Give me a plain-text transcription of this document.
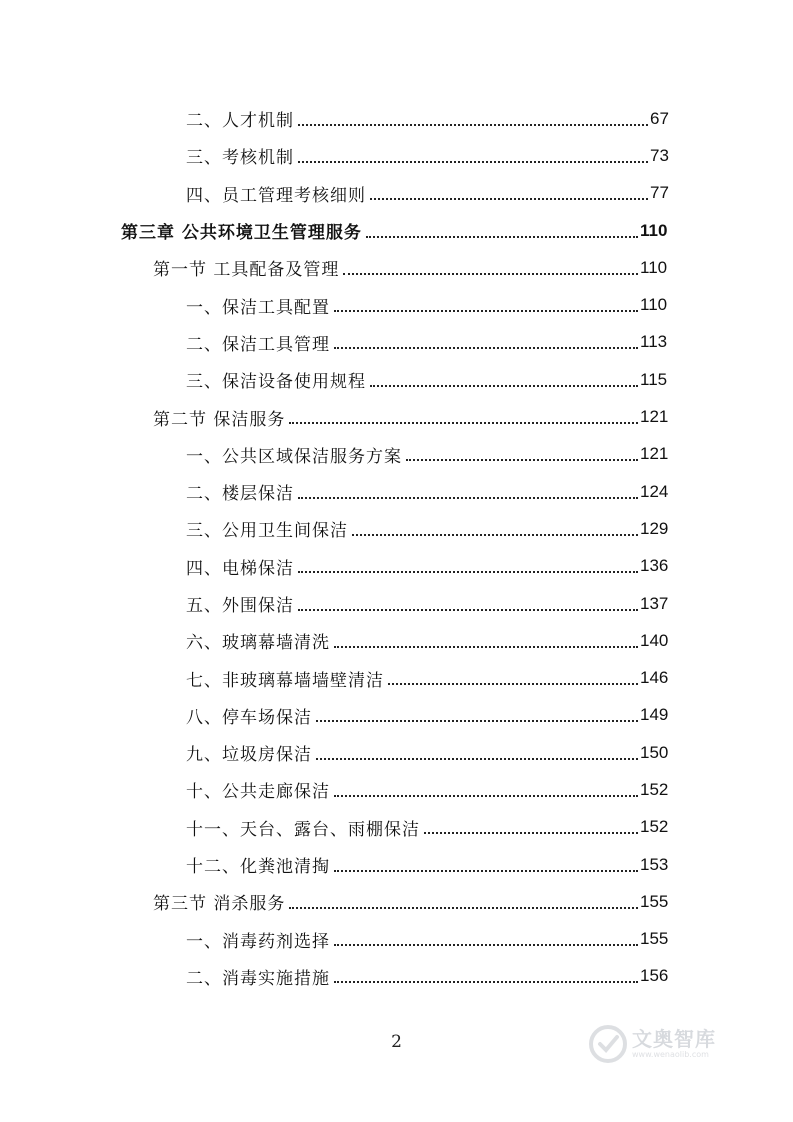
二、人才机制	67
三、考核机制	73
四、员工管理考核细则	77
第三章 公共环境卫生管理服务	110
第一节 工具配备及管理	110
一、保洁工具配置	110
二、保洁工具管理	113
三、保洁设备使用规程	115
第二节 保洁服务	121
一、公共区域保洁服务方案	121
二、楼层保洁	124
三、公用卫生间保洁	129
四、电梯保洁	136
五、外围保洁	137
六、玻璃幕墙清洗	140
七、非玻璃幕墙墙壁清洁	146
八、停车场保洁	149
九、垃圾房保洁	150
十、公共走廊保洁	152
十一、天台、露台、雨棚保洁	152
十二、化粪池清掏	153
第三节 消杀服务	155
一、消毒药剂选择	155
二、消毒实施措施	156
2	文奥智库
www.wenaolib.com
